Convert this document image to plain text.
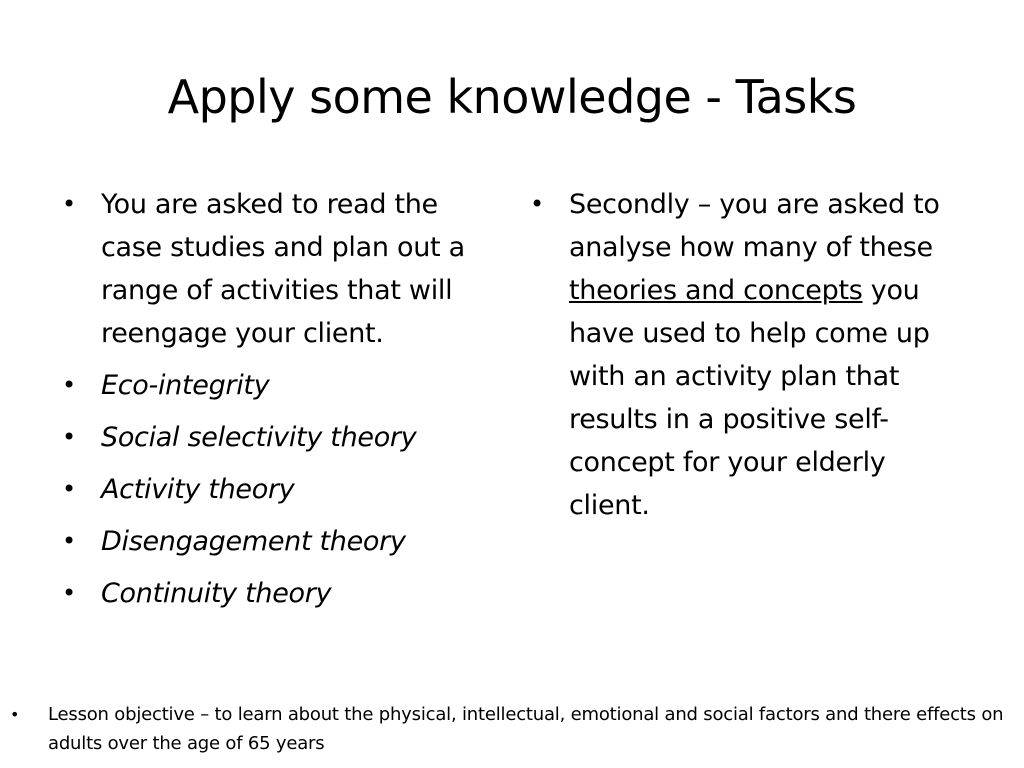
Apply some knowledge - Tasks
• You are asked to read the case studies and plan out a range of activities that will reengage your client.
• Eco-integrity
• Social selectivity theory
• Activity theory
• Disengagement theory
• Continuity theory
• Secondly – you are asked to analyse how many of these theories and concepts you have used to help come up with an activity plan that results in a positive self-concept for your elderly client.
• Lesson objective – to learn about the physical, intellectual, emotional and social factors and there effects on adults over the age of 65 years
